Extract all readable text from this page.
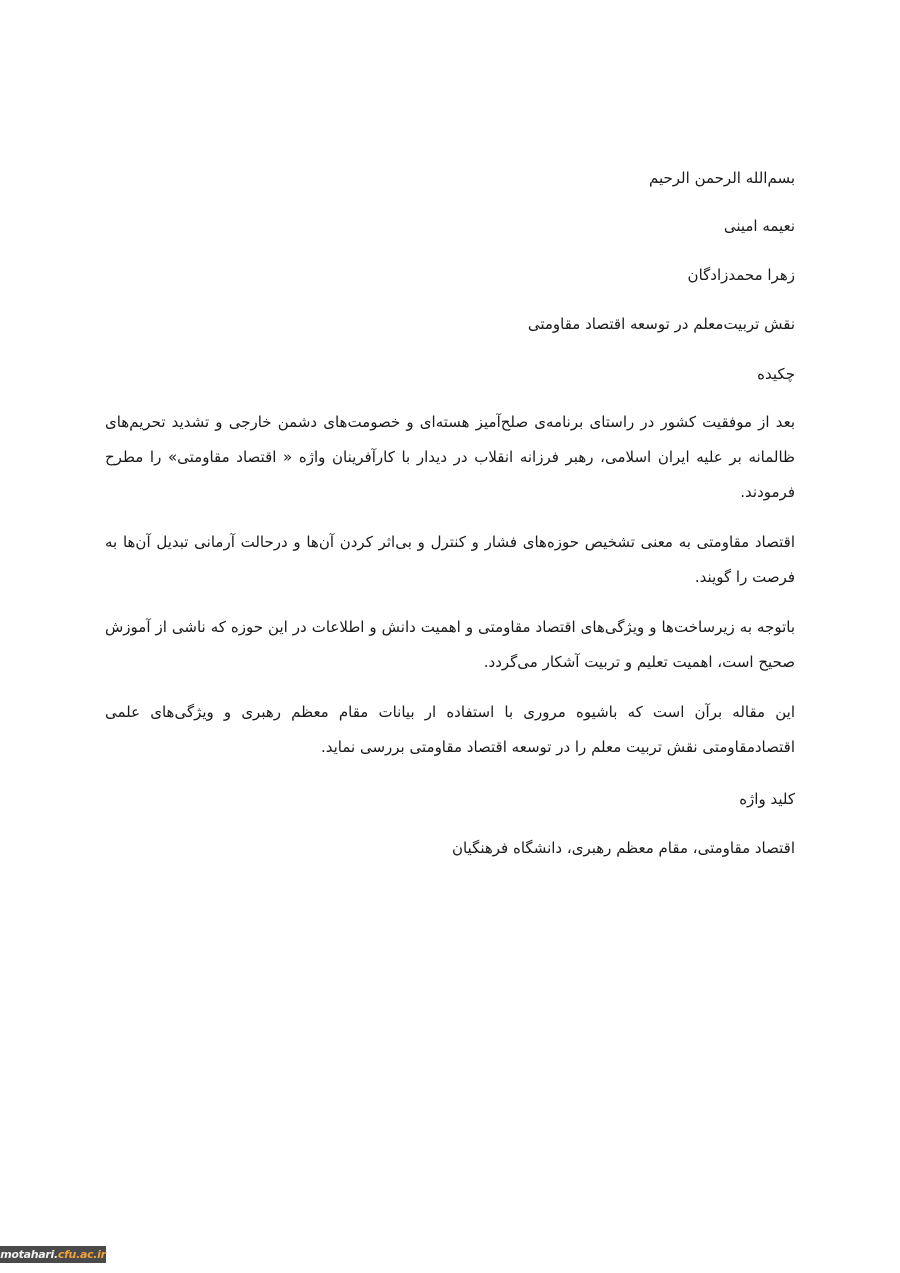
بسم‌الله الرحمن الرحیم
نعیمه امینی
زهرا محمدزادگان
نقش تربیت‌معلم در توسعه اقتصاد مقاومتی
چکیده
بعد از موفقیت کشور در راستای برنامه‌ی صلح‌آمیز هسته‌ای و خصومت‌های دشمن خارجی و تشدید تحریم‌های ظالمانه بر علیه ایران اسلامی، رهبر فرزانه انقلاب در دیدار با کارآفرینان واژه « اقتصاد مقاومتی» را مطرح فرمودند.
اقتصاد مقاومتی به معنی تشخیص حوزه‌های فشار و کنترل و بی‌اثر کردن آن‌ها و درحالت آرمانی تبدیل آن‌ها به فرصت را گویند.
باتوجه به زیرساخت‌ها و ویژگی‌های اقتصاد مقاومتی و اهمیت دانش و اطلاعات در این حوزه که ناشی از آموزش صحیح است، اهمیت تعلیم و تربیت آشکار می‌گردد.
این مقاله برآن است که باشیوه مروری با استفاده ار بیانات مقام معظم رهبری و ویژگی‌های علمی اقتصادمقاومتی نقش تربیت معلم را در توسعه اقتصاد مقاومتی بررسی نماید.
کلید واژه
اقتصاد مقاومتی، مقام معظم رهبری، دانشگاه فرهنگیان
motahari.cfu.ac.ir
